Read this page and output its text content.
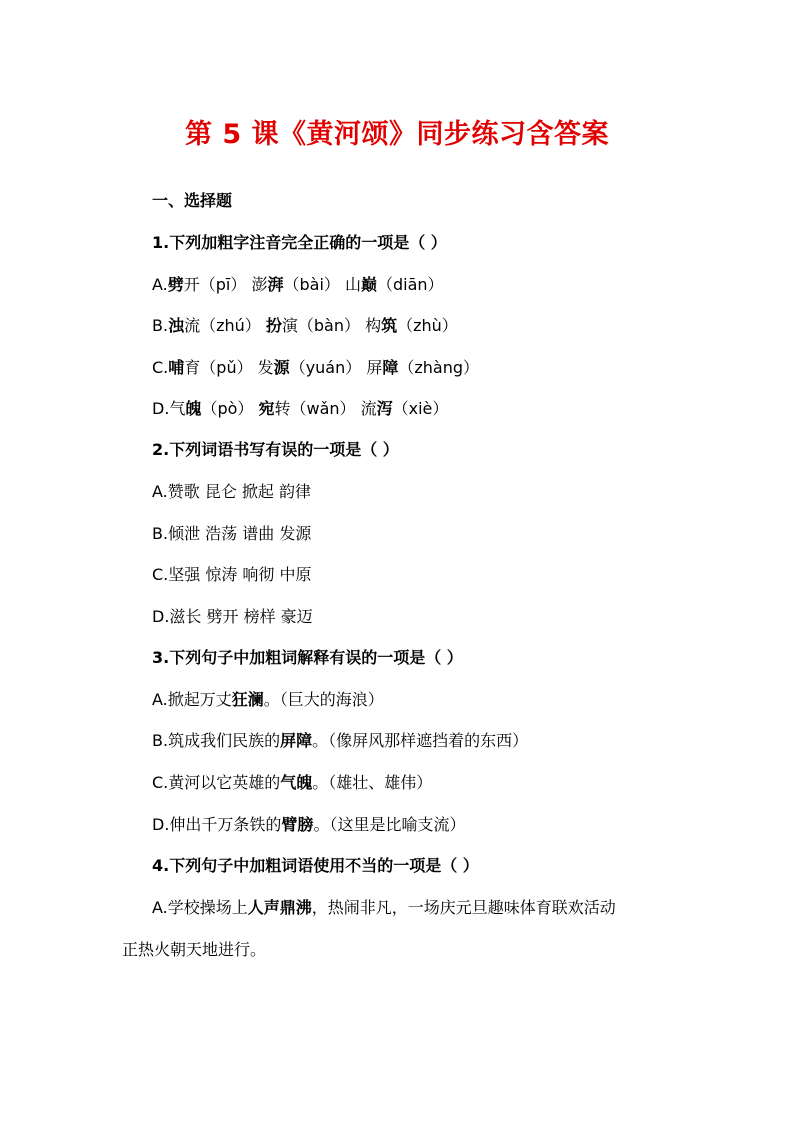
第 5 课《黄河颂》同步练习含答案
一、选择题
1.下列加粗字注音完全正确的一项是（ ）
A.劈开（pī） 澎湃（bài） 山巅（diān）
B.浊流（zhú） 扮演（bàn） 构筑（zhù）
C.哺育（pǔ） 发源（yuán） 屏障（zhàng）
D.气魄（pò） 宛转（wǎn） 流泻（xiè）
2.下列词语书写有误的一项是（ ）
A.赞歌 昆仑 掀起 韵律
B.倾泄 浩荡 谱曲 发源
C.坚强 惊涛 响彻 中原
D.滋长 劈开 榜样 豪迈
3.下列句子中加粗词解释有误的一项是（ ）
A.掀起万丈狂澜。（巨大的海浪）
B.筑成我们民族的屏障。（像屏风那样遮挡着的东西）
C.黄河以它英雄的气魄。（雄壮、雄伟）
D.伸出千万条铁的臂膀。（这里是比喻支流）
4.下列句子中加粗词语使用不当的一项是（ ）
A.学校操场上人声鼎沸，热闹非凡，一场庆元旦趣味体育联欢活动
正热火朝天地进行。
